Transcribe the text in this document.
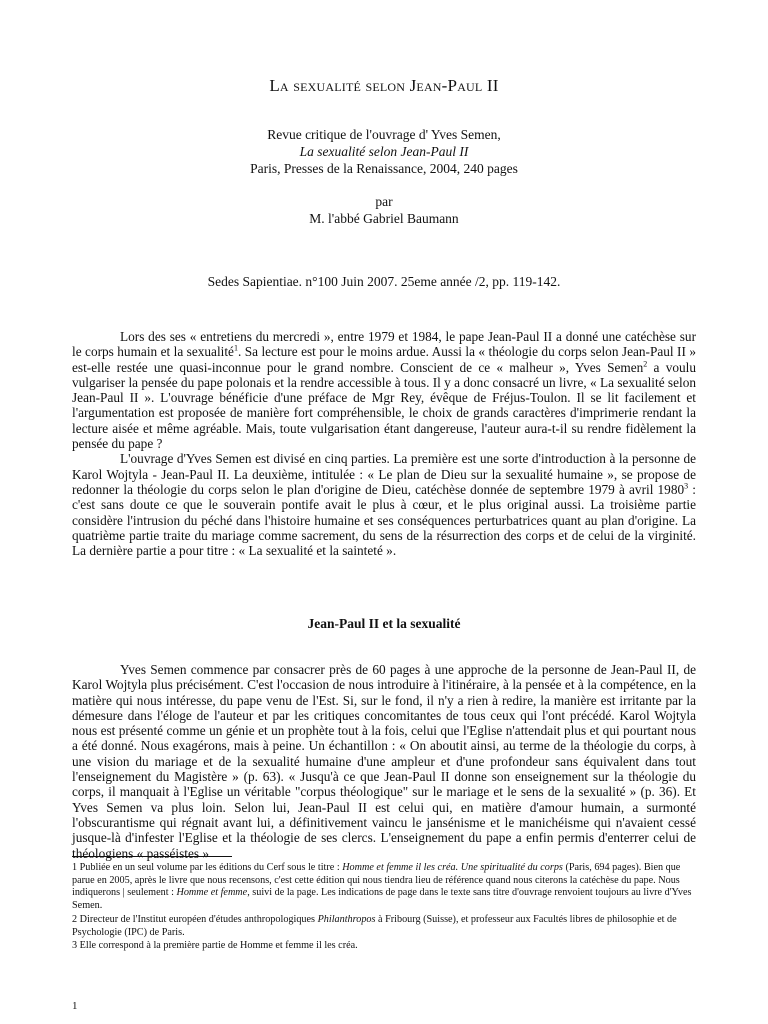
La sexualité selon Jean-Paul II
Revue critique de l'ouvrage d' Yves Semen,
La sexualité selon Jean-Paul II
Paris, Presses de la Renaissance, 2004, 240 pages
par
M. l'abbé Gabriel Baumann
Sedes Sapientiae. n°100 Juin 2007. 25eme année /2, pp. 119-142.

Lors des ses « entretiens du mercredi », entre 1979 et 1984, le pape Jean-Paul II a donné une catéchèse sur le corps humain et la sexualité$^1$. Sa lecture est pour le moins ardue. Aussi la « théologie du corps selon Jean-Paul II » est-elle restée une quasi-inconnue pour le grand nombre. Conscient de ce « malheur », Yves Semen$^2$ a voulu vulgariser la pensée du pape polonais et la rendre accessible à tous. Il y a donc consacré un livre, « La sexualité selon Jean-Paul II ». L'ouvrage bénéficie d'une préface de Mgr Rey, évêque de Fréjus-Toulon. Il se lit facilement et l'argumentation est proposée de manière fort compréhensible, le choix de grands caractères d'imprimerie rendant la lecture aisée et même agréable. Mais, toute vulgarisation étant dangereuse, l'auteur aura-t-il su rendre fidèlement la pensée du pape ?

L'ouvrage d'Yves Semen est divisé en cinq parties. La première est une sorte d'introduction à la personne de Karol Wojtyla - Jean-Paul II. La deuxième, intitulée : « Le plan de Dieu sur la sexualité humaine », se propose de redonner la théologie du corps selon le plan d'origine de Dieu, catéchèse donnée de septembre 1979 à avril 1980$^3$ : c'est sans doute ce que le souverain pontife avait le plus à cœur, et le plus original aussi. La troisième partie considère l'intrusion du péché dans l'histoire humaine et ses conséquences perturbatrices quant au plan d'origine. La quatrième partie traite du mariage comme sacrement, du sens de la résurrection des corps et de celui de la virginité. La dernière partie a pour titre : « La sexualité et la sainteté ».

Jean-Paul II et la sexualité

Yves Semen commence par consacrer près de 60 pages à une approche de la personne de Jean-Paul II, de Karol Wojtyla plus précisément. C'est l'occasion de nous introduire à l'itinéraire, à la pensée et à la compétence, en la matière qui nous intéresse, du pape venu de l'Est. Si, sur le fond, il n'y a rien à redire, la manière est irritante par la démesure dans l'éloge de l'auteur et par les critiques concomitantes de tous ceux qui l'ont précédé. Karol Wojtyla nous est présenté comme un génie et un prophète tout à la fois, celui que l'Eglise n'attendait plus et qui pourtant nous a été donné. Nous exagérons, mais à peine. Un échantillon : « On aboutit ainsi, au terme de la théologie du corps, à une vision du mariage et de la sexualité humaine d'une ampleur et d'une profondeur sans équivalent dans tout l'enseignement du Magistère » (p. 63). « Jusqu'à ce que Jean-Paul II donne son enseignement sur la théologie du corps, il manquait à l'Eglise un véritable "corpus théologique" sur le mariage et le sens de la sexualité » (p. 36). Et Yves Semen va plus loin. Selon lui, Jean-Paul II est celui qui, en matière d'amour humain, a surmonté l'obscurantisme qui régnait avant lui, a définitivement vaincu le jansénisme et le manichéisme qui n'avaient cessé jusque-là d'infester l'Eglise et la théologie de ses clercs. L'enseignement du pape a enfin permis d'enterrer celui de théologiens « passéistes »

1 Publiée en un seul volume par les éditions du Cerf sous le titre : Homme et femme il les créa. Une spiritualité du corps (Paris, 694 pages). Bien que parue en 2005, après le livre que nous recensons, c'est cette édition qui nous tiendra lieu de référence quand nous citerons la catéchèse du pape. Nous indiquerons | seulement : Homme et femme, suivi de la page. Les indications de page dans le texte sans titre d'ouvrage renvoient toujours au livre d'Yves Semen.

2 Directeur de l'Institut européen d'études anthropologiques Philanthropos à Fribourg (Suisse), et professeur aux Facultés libres de philosophie et de Psychologie (IPC) de Paris.

3 Elle correspond à la première partie de Homme et femme il les créa.

1
